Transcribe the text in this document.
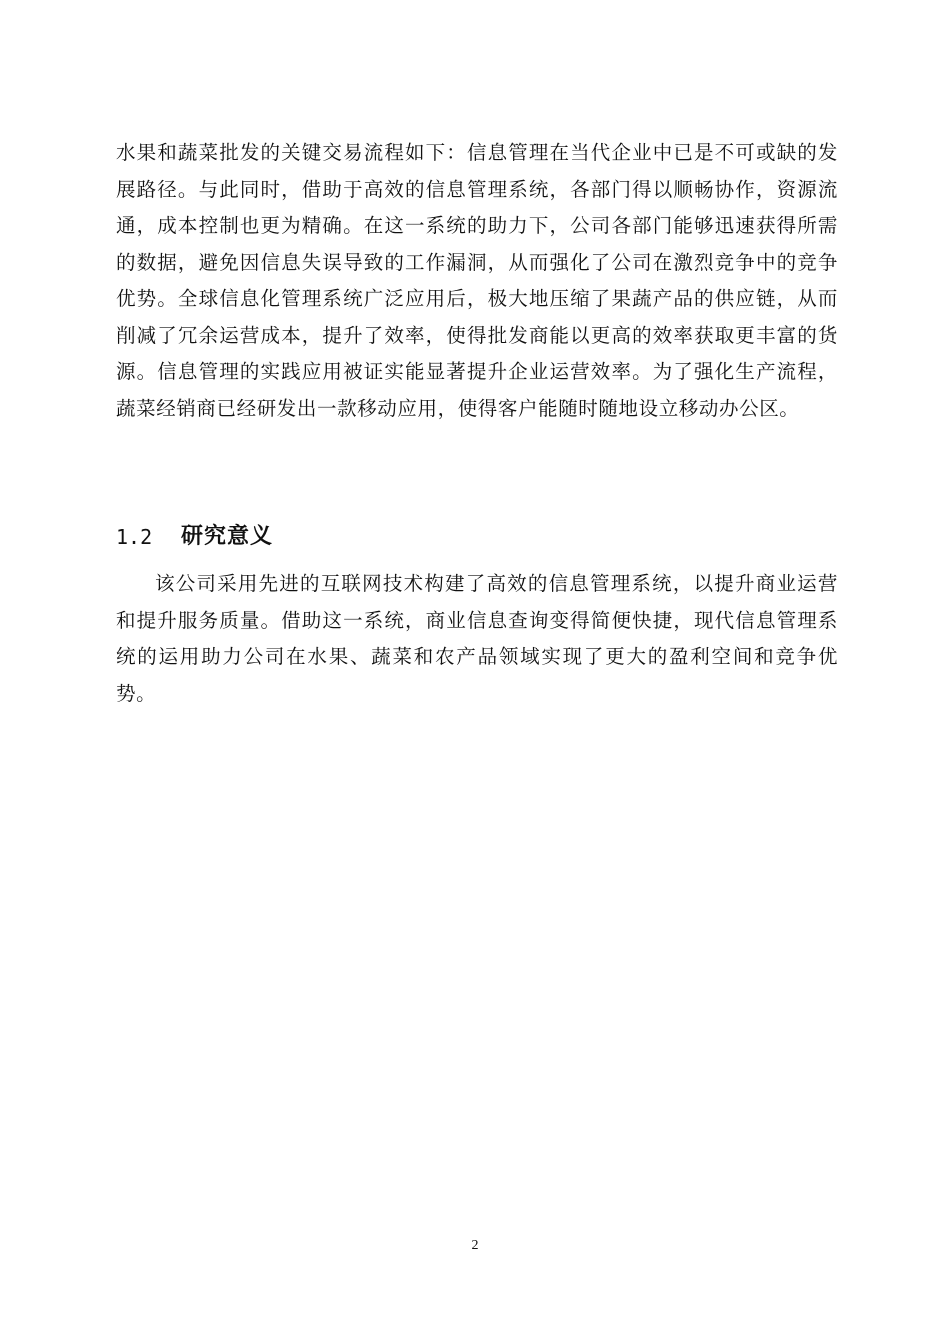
水果和蔬菜批发的关键交易流程如下：信息管理在当代企业中已是不可或缺的发展路径。与此同时，借助于高效的信息管理系统，各部门得以顺畅协作，资源流通，成本控制也更为精确。在这一系统的助力下，公司各部门能够迅速获得所需的数据，避免因信息失误导致的工作漏洞，从而强化了公司在激烈竞争中的竞争优势。全球信息化管理系统广泛应用后，极大地压缩了果蔬产品的供应链，从而削减了冗余运营成本，提升了效率，使得批发商能以更高的效率获取更丰富的货源。信息管理的实践应用被证实能显著提升企业运营效率。为了强化生产流程，蔬菜经销商已经研发出一款移动应用，使得客户能随时随地设立移动办公区。

1.2	研究意义

该公司采用先进的互联网技术构建了高效的信息管理系统，以提升商业运营和提升服务质量。借助这一系统，商业信息查询变得简便快捷，现代信息管理系统的运用助力公司在水果、蔬菜和农产品领域实现了更大的盈利空间和竞争优势。

2
